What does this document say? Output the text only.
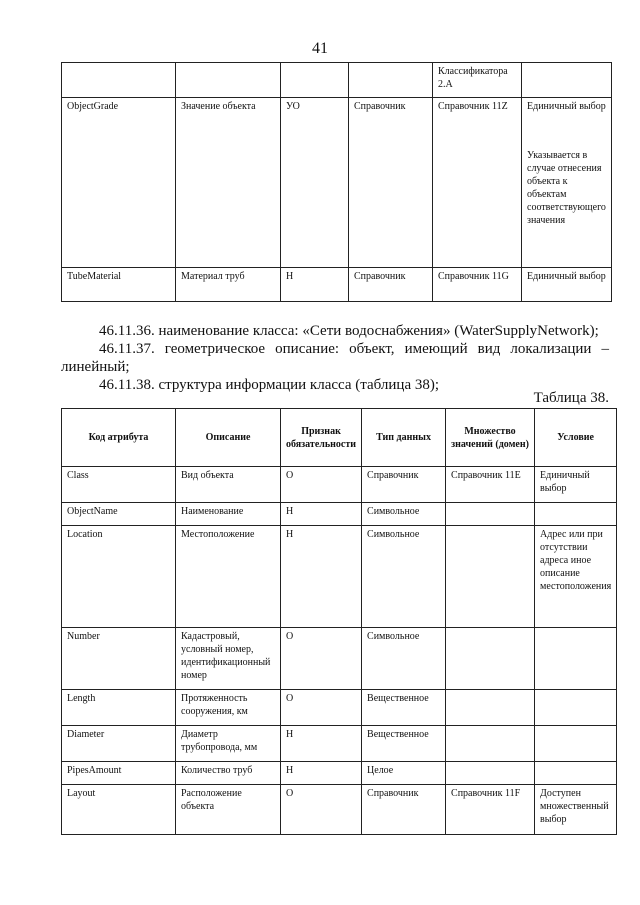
41
				Классификатора 2.А	
ObjectGrade	Значение объекта	УО	Справочник	Справочник 11Z	Единичный выбор
Указывается в случае отнесения объекта к объектам соответствующего значения

TubeMaterial	Материал труб	Н	Справочник	Справочник 11G	Единичный выбор
46.11.36. наименование класса: «Сети водоснабжения» (WaterSupplyNetwork);
46.11.37. геометрическое описание: объект, имеющий вид локализации –
линейный;
46.11.38. структура информации класса (таблица 38);
Таблица 38.
Код атрибута	Описание	Признак обязательности	Тип данных	Множество значений (домен)	Условие
Class	Вид объекта	О	Справочник	Справочник 11Е	Единичный выбор
ObjectName	Наименование	Н	Символьное		
Location	Местоположение	Н	Символьное		Адрес или при отсутствии адреса иное описание местоположения
Number	Кадастровый, условный номер, идентификационный номер	О	Символьное		
Length	Протяженность сооружения, км	О	Вещественное		
Diameter	Диаметр трубопровода, мм	Н	Вещественное		
PipesAmount	Количество труб	Н	Целое		
Layout	Расположение объекта	О	Справочник	Справочник 11F	Доступен множественный выбор
